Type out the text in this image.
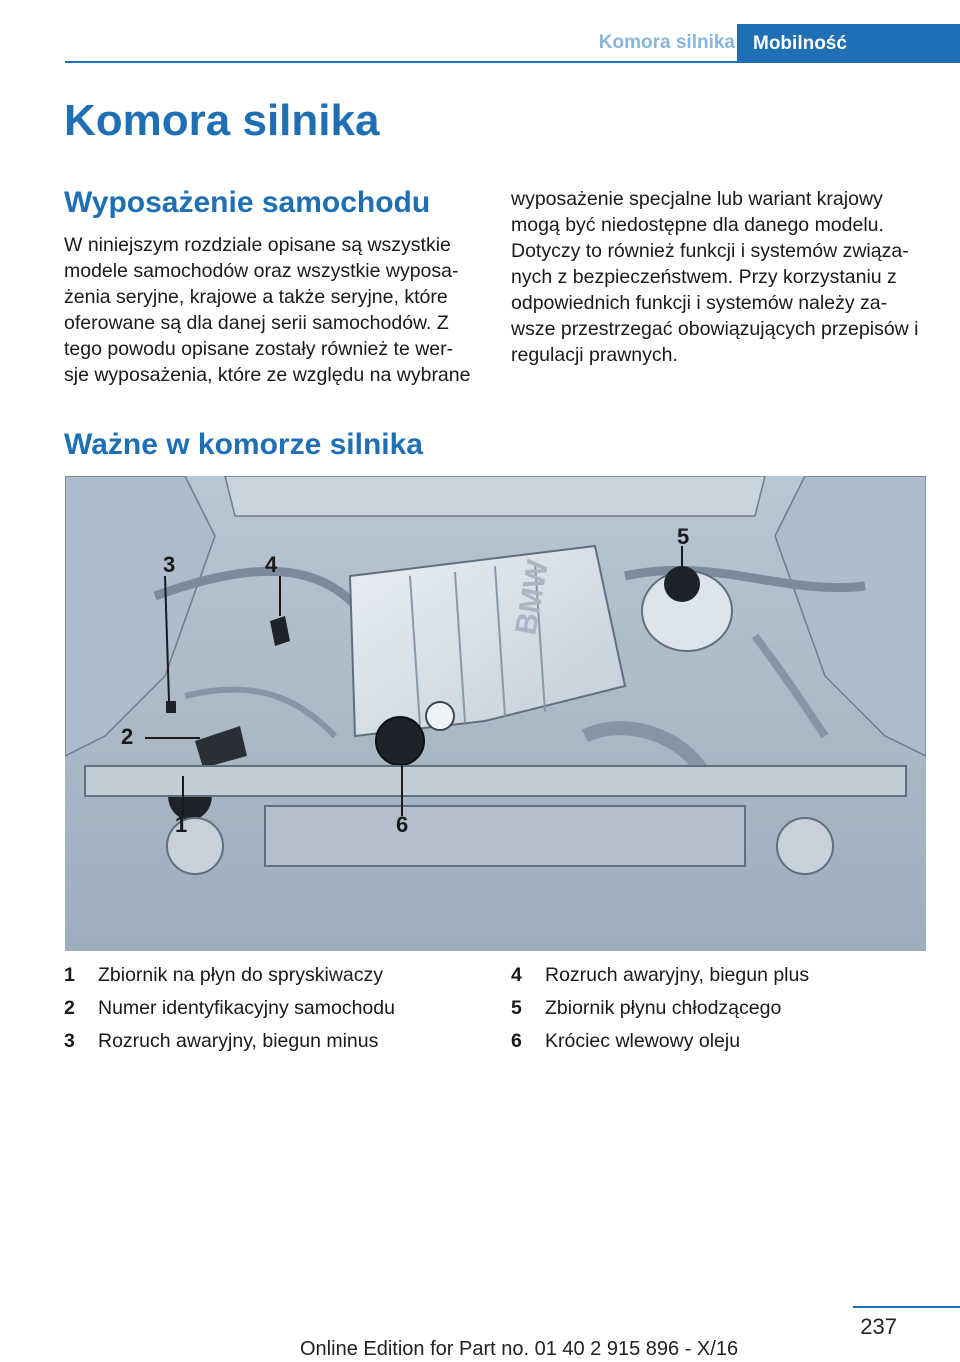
Komora silnika Mobilność
Komora silnika
Wyposażenie samochodu
W niniejszym rozdziale opisane są wszystkie
modele samochodów oraz wszystkie wyposa-
żenia seryjne, krajowe a także seryjne, które
oferowane są dla danej serii samochodów. Z
tego powodu opisane zostały również te wer-
sje wyposażenia, które ze względu na wybrane
wyposażenie specjalne lub wariant krajowy
mogą być niedostępne dla danego modelu.
Dotyczy to również funkcji i systemów związa-
nych z bezpieczeństwem. Przy korzystaniu z
odpowiednich funkcji i systemów należy za-
wsze przestrzegać obowiązujących przepisów i
regulacji prawnych.
Ważne w komorze silnika
BMW
3	4
5
2
1	6
1 Zbiornik na płyn do spryskiwaczy
2 Numer identyfikacyjny samochodu
3 Rozruch awaryjny, biegun minus
4 Rozruch awaryjny, biegun plus
5 Zbiornik płynu chłodzącego
6 Króciec wlewowy oleju
237
Online Edition for Part no. 01 40 2 915 896 - X/16
